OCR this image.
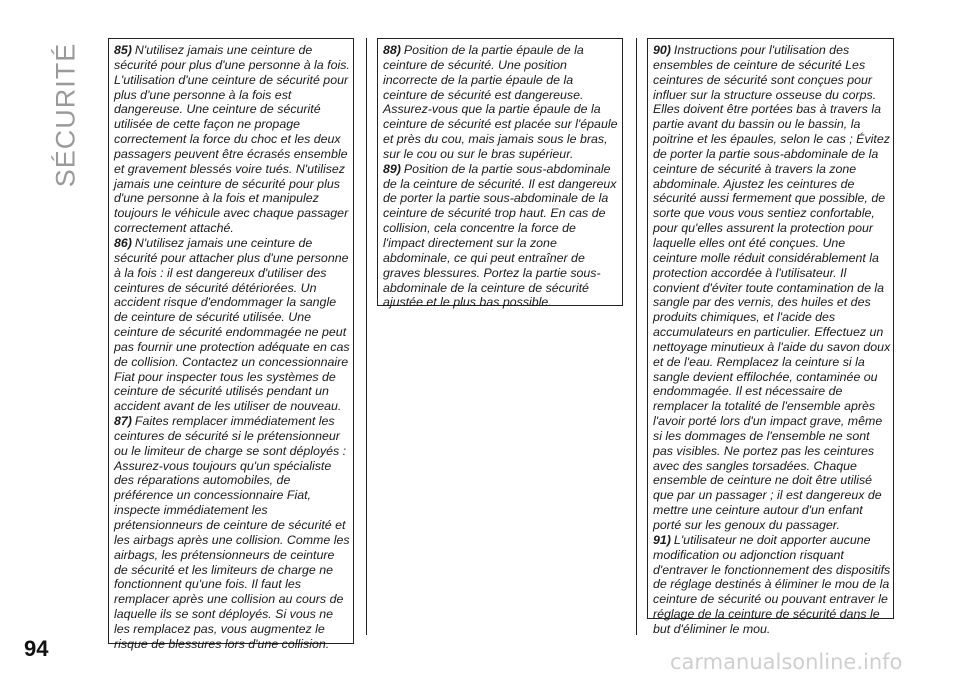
SÉCURITÉ	85) N'utilisez jamais une ceinture de sécurité pour plus d'une personne à la fois. L'utilisation d'une ceinture de sécurité pour plus d'une personne à la fois est dangereuse. Une ceinture de sécurité utilisée de cette façon ne propage correctement la force du choc et les deux passagers peuvent être écrasés ensemble et gravement blessés voire tués. N'utilisez jamais une ceinture de sécurité pour plus d'une personne à la fois et manipulez toujours le véhicule avec chaque passager correctement attaché.

86) N'utilisez jamais une ceinture de sécurité pour attacher plus d'une personne à la fois : il est dangereux d'utiliser des ceintures de sécurité détériorées. Un accident risque d'endommager la sangle de ceinture de sécurité utilisée. Une ceinture de sécurité endommagée ne peut pas fournir une protection adéquate en cas de collision. Contactez un concessionnaire Fiat pour inspecter tous les systèmes de ceinture de sécurité utilisés pendant un accident avant de les utiliser de nouveau.

87) Faites remplacer immédiatement les ceintures de sécurité si le prétensionneur ou le limiteur de charge se sont déployés : Assurez-vous toujours qu'un spécialiste des réparations automobiles, de préférence un concessionnaire Fiat, inspecte immédiatement les prétensionneurs de ceinture de sécurité et les airbags après une collision. Comme les airbags, les prétensionneurs de ceinture de sécurité et les limiteurs de charge ne fonctionnent qu'une fois. Il faut les remplacer après une collision au cours de laquelle ils se sont déployés. Si vous ne les remplacez pas, vous augmentez le risque de blessures lors d'une collision.

88) Position de la partie épaule de la ceinture de sécurité. Une position incorrecte de la partie épaule de la ceinture de sécurité est dangereuse. Assurez-vous que la partie épaule de la ceinture de sécurité est placée sur l'épaule et près du cou, mais jamais sous le bras, sur le cou ou sur le bras supérieur.

89) Position de la partie sous-abdominale de la ceinture de sécurité. Il est dangereux de porter la partie sous-abdominale de la ceinture de sécurité trop haut. En cas de collision, cela concentre la force de l'impact directement sur la zone abdominale, ce qui peut entraîner de graves blessures. Portez la partie sous-abdominale de la ceinture de sécurité ajustée et le plus bas possible.

90) Instructions pour l'utilisation des ensembles de ceinture de sécurité Les ceintures de sécurité sont conçues pour influer sur la structure osseuse du corps. Elles doivent être portées bas à travers la partie avant du bassin ou le bassin, la poitrine et les épaules, selon le cas ; Évitez de porter la partie sous-abdominale de la ceinture de sécurité à travers la zone abdominale. Ajustez les ceintures de sécurité aussi fermement que possible, de sorte que vous vous sentiez confortable, pour qu'elles assurent la protection pour laquelle elles ont été conçues. Une ceinture molle réduit considérablement la protection accordée à l'utilisateur. Il convient d'éviter toute contamination de la sangle par des vernis, des huiles et des produits chimiques, et l'acide des accumulateurs en particulier. Effectuez un nettoyage minutieux à l'aide du savon doux et de l'eau. Remplacez la ceinture si la sangle devient effilochée, contaminée ou endommagée. Il est nécessaire de remplacer la totalité de l'ensemble après l'avoir porté lors d'un impact grave, même si les dommages de l'ensemble ne sont pas visibles. Ne portez pas les ceintures avec des sangles torsadées. Chaque ensemble de ceinture ne doit être utilisé que par un passager ; il est dangereux de mettre une ceinture autour d'un enfant porté sur les genoux du passager.

91) L'utilisateur ne doit apporter aucune modification ou adjonction risquant d'entraver le fonctionnement des dispositifs de réglage destinés à éliminer le mou de la ceinture de sécurité ou pouvant entraver le réglage de la ceinture de sécurité dans le but d'éliminer le mou.

94
carmanualsonline.info
